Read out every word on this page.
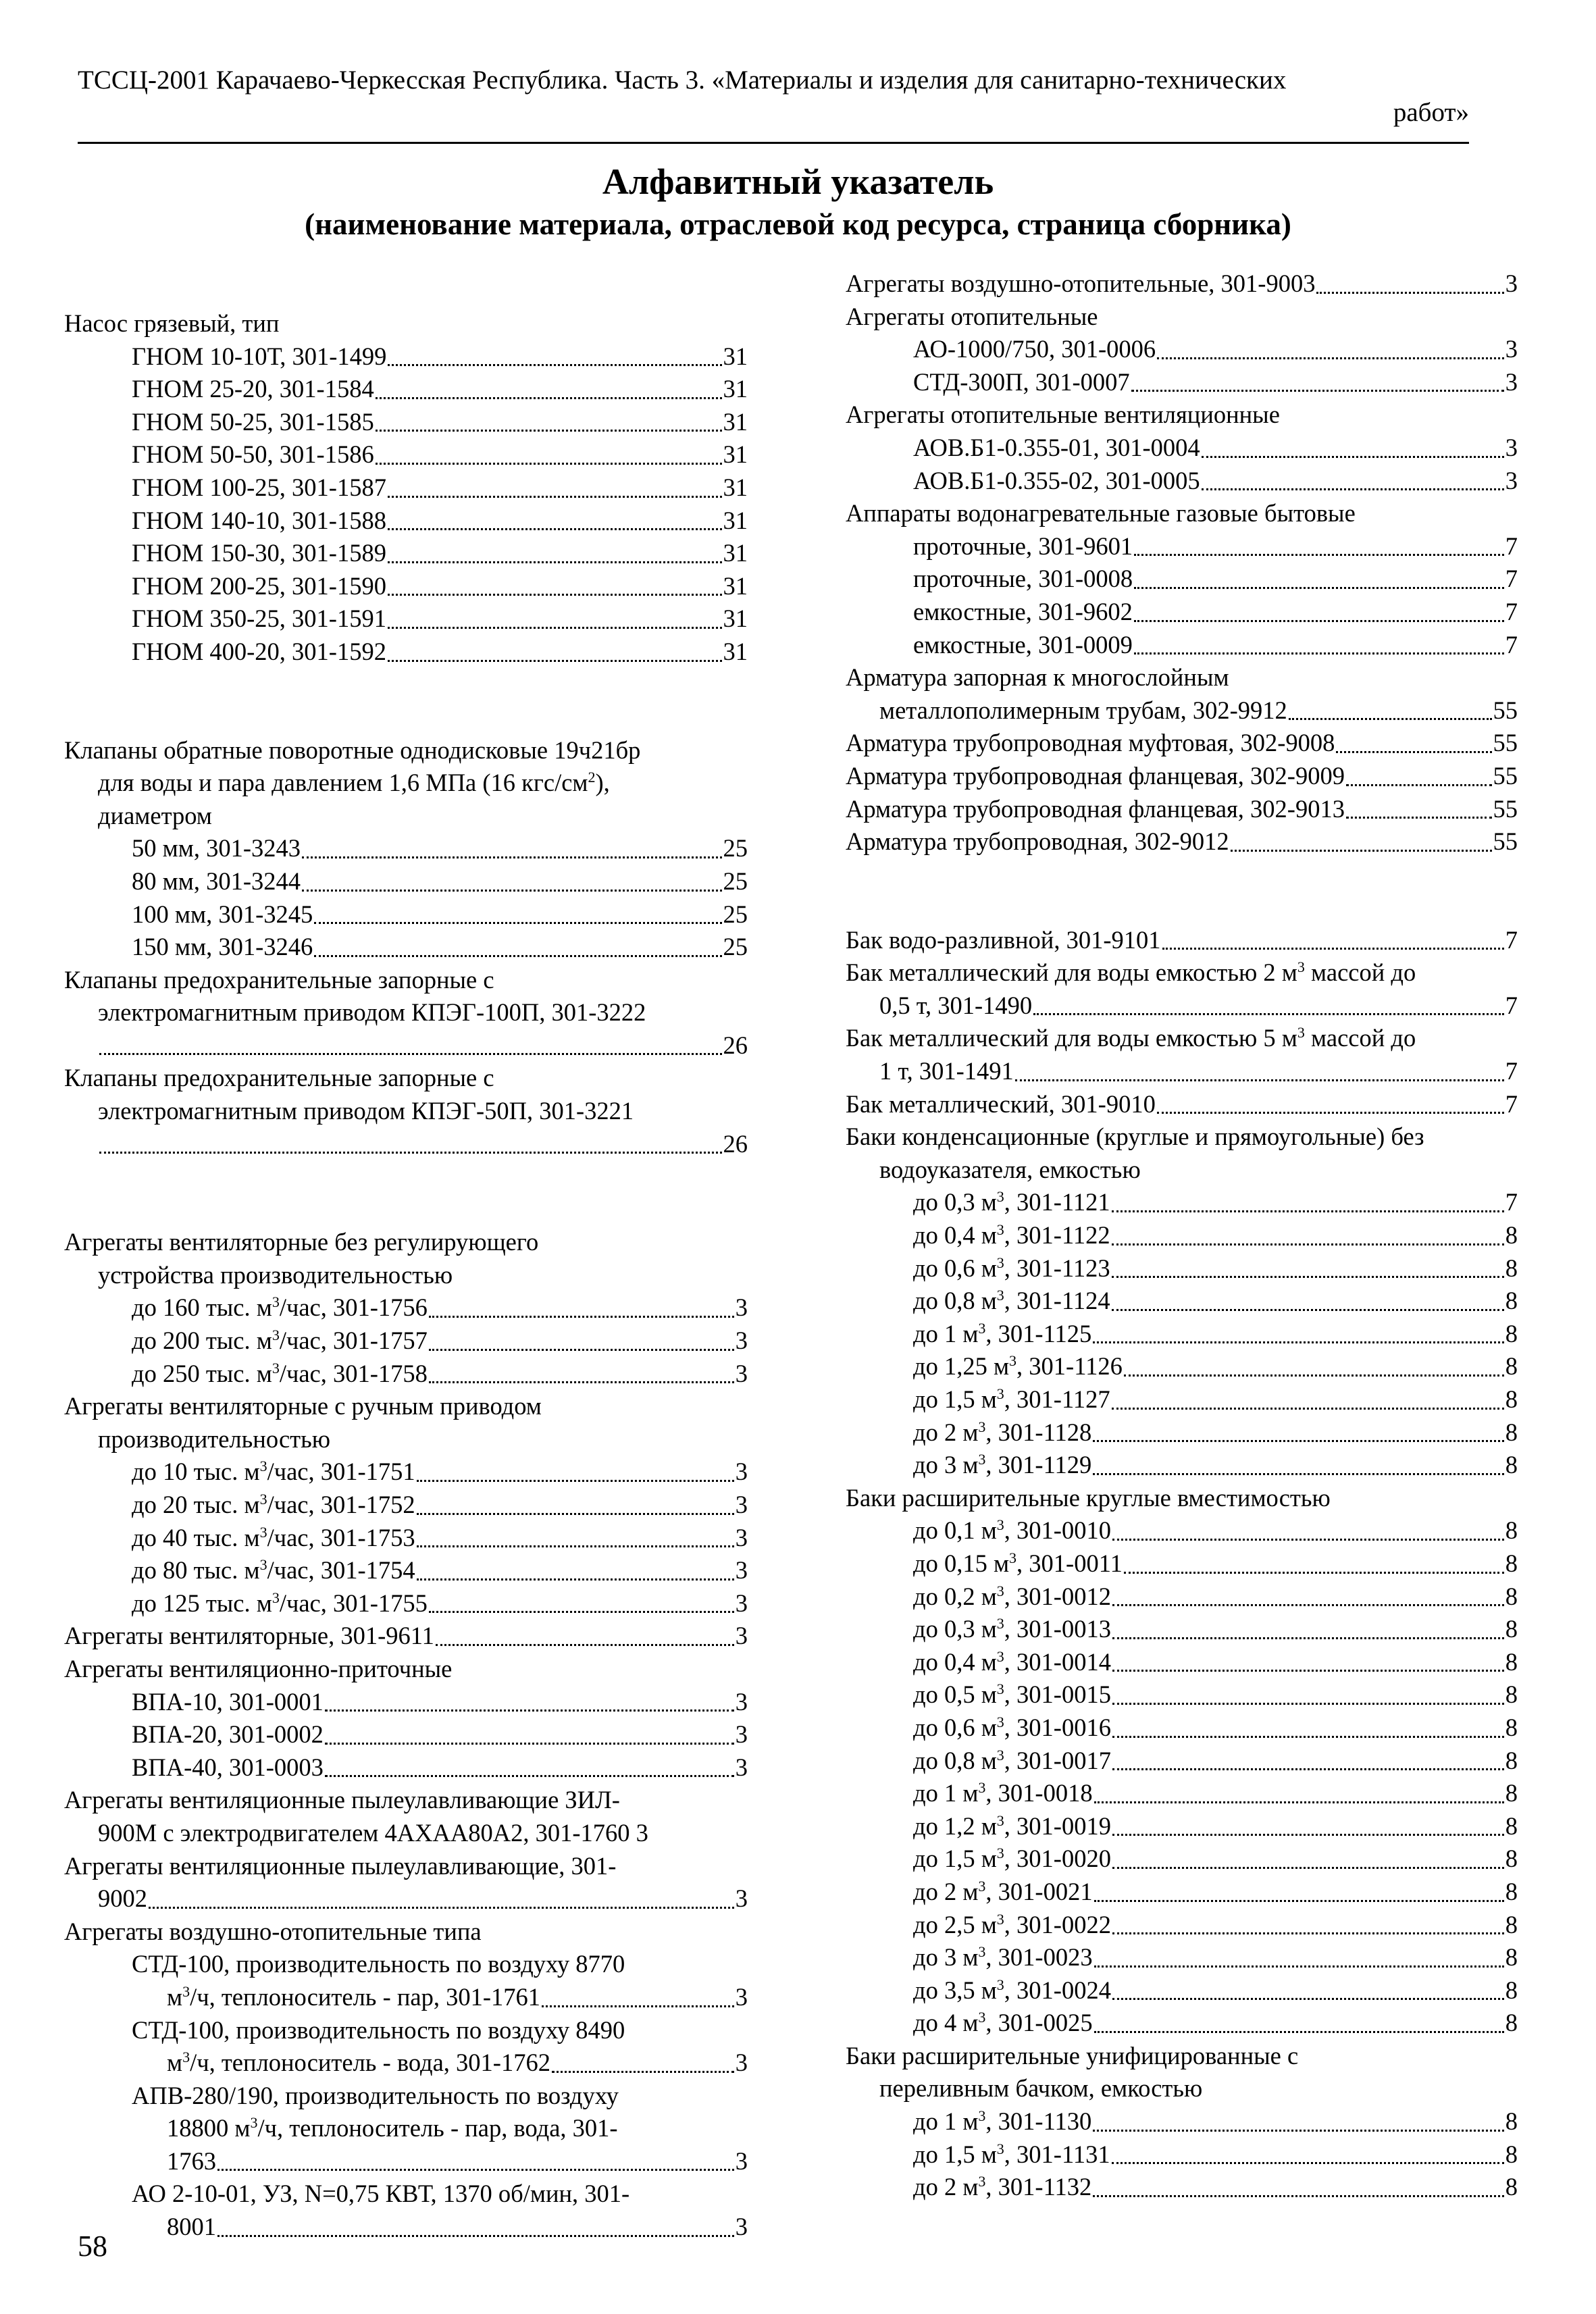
ТССЦ-2001 Карачаево-Черкесская Республика. Часть 3. «Материалы и изделия для санитарно-технических
работ»

Алфавитный указатель

(наименование материала, отраслевой код ресурса, страница сборника)

Насос грязевый, тип
ГНОМ 10-10Т, 301-1499	31
ГНОМ 25-20, 301-1584	31
ГНОМ 50-25, 301-1585	31
ГНОМ 50-50, 301-1586	31
ГНОМ 100-25, 301-1587	31
ГНОМ 140-10, 301-1588	31
ГНОМ 150-30, 301-1589	31
ГНОМ 200-25, 301-1590	31
ГНОМ 350-25, 301-1591	31
ГНОМ 400-20, 301-1592	31
Клапаны обратные поворотные однодисковые 19ч21бр
для воды и пара давлением 1,6 МПа (16 кгс/$см^2$),
диаметром
50 мм, 301-3243	25
80 мм, 301-3244	25
100 мм, 301-3245	25
150 мм, 301-3246	25
Клапаны предохранительные запорные с
электромагнитным приводом КПЭГ-100П, 301-3222
26
Клапаны предохранительные запорные с
электромагнитным приводом КПЭГ-50П, 301-3221
26
Агрегаты вентиляторные без регулирующего
устройства производительностью
до 160 тыс. $м^3$/час, 301-1756	3
до 200 тыс. $м^3$/час, 301-1757	3
до 250 тыс. $м^3$/час, 301-1758	3
Агрегаты вентиляторные с ручным приводом
производительностью
до 10 тыс. $м^3$/час, 301-1751	3
до 20 тыс. $м^3$/час, 301-1752	3
до 40 тыс. $м^3$/час, 301-1753	3
до 80 тыс. $м^3$/час, 301-1754	3
до 125 тыс. $м^3$/час, 301-1755	3
Агрегаты вентиляторные, 301-9611	3
Агрегаты вентиляционно-приточные
ВПА-10, 301-0001	3
ВПА-20, 301-0002	3
ВПА-40, 301-0003	3
Агрегаты вентиляционные пылеулавливающие ЗИЛ-
900М с электродвигателем 4АХАА80А2, 301-1760 3
Агрегаты вентиляционные пылеулавливающие, 301-
9002	3
Агрегаты воздушно-отопительные типа
СТД-100, производительность по воздуху 8770
$м^3/ч$, теплоноситель - пар, 301-1761	3
СТД-100, производительность по воздуху 8490
$м^3/ч$, теплоноситель - вода, 301-1762	3
АПВ-280/190, производительность по воздуху
18800 $м^3/ч$, теплоноситель - пар, вода, 301-
1763	3
АО 2-10-01, УЗ, N=0,75 КВТ, 1370 об/мин, 301-
8001	3
Агрегаты воздушно-отопительные, 301-9003	3
Агрегаты отопительные
АО-1000/750, 301-0006	3
СТД-300П, 301-0007	3
Агрегаты отопительные вентиляционные
АОВ.Б1-0.355-01, 301-0004	3
АОВ.Б1-0.355-02, 301-0005	3
Аппараты водонагревательные газовые бытовые
проточные, 301-9601	7
проточные, 301-0008	7
емкостные, 301-9602	7
емкостные, 301-0009	7
Арматура запорная к многослойным
металлополимерным трубам, 302-9912	55
Арматура трубопроводная муфтовая, 302-9008	55
Арматура трубопроводная фланцевая, 302-9009	55
Арматура трубопроводная фланцевая, 302-9013	55
Арматура трубопроводная, 302-9012	55
Бак водо-разливной, 301-9101	7
Бак металлический для воды емкостью 2 $м^3$ массой до
0,5 т, 301-1490	7
Бак металлический для воды емкостью 5 $м^3$ массой до
1 т, 301-1491	7
Бак металлический, 301-9010	7
Баки конденсационные (круглые и прямоугольные) без
водоуказателя, емкостью
до 0,3 $м^3$, 301-1121	7
до 0,4 $м^3$, 301-1122	8
до 0,6 $м^3$, 301-1123	8
до 0,8 $м^3$, 301-1124	8
до 1 $м^3$, 301-1125	8
до 1,25 $м^3$, 301-1126	8
до 1,5 $м^3$, 301-1127	8
до 2 $м^3$, 301-1128	8
до 3 $м^3$, 301-1129	8
Баки расширительные круглые вместимостью
до 0,1 $м^3$, 301-0010	8
до 0,15 $м^3$, 301-0011	8
до 0,2 $м^3$, 301-0012	8
до 0,3 $м^3$, 301-0013	8
до 0,4 $м^3$, 301-0014	8
до 0,5 $м^3$, 301-0015	8
до 0,6 $м^3$, 301-0016	8
до 0,8 $м^3$, 301-0017	8
до 1 $м^3$, 301-0018	8
до 1,2 $м^3$, 301-0019	8
до 1,5 $м^3$, 301-0020	8
до 2 $м^3$, 301-0021	8
до 2,5 $м^3$, 301-0022	8
до 3 $м^3$, 301-0023	8
до 3,5 $м^3$, 301-0024	8
до 4 $м^3$, 301-0025	8
Баки расширительные унифицированные с
переливным бачком, емкостью
до 1 $м^3$, 301-1130	8
до 1,5 $м^3$, 301-1131	8
до 2 $м^3$, 301-1132	8
58
